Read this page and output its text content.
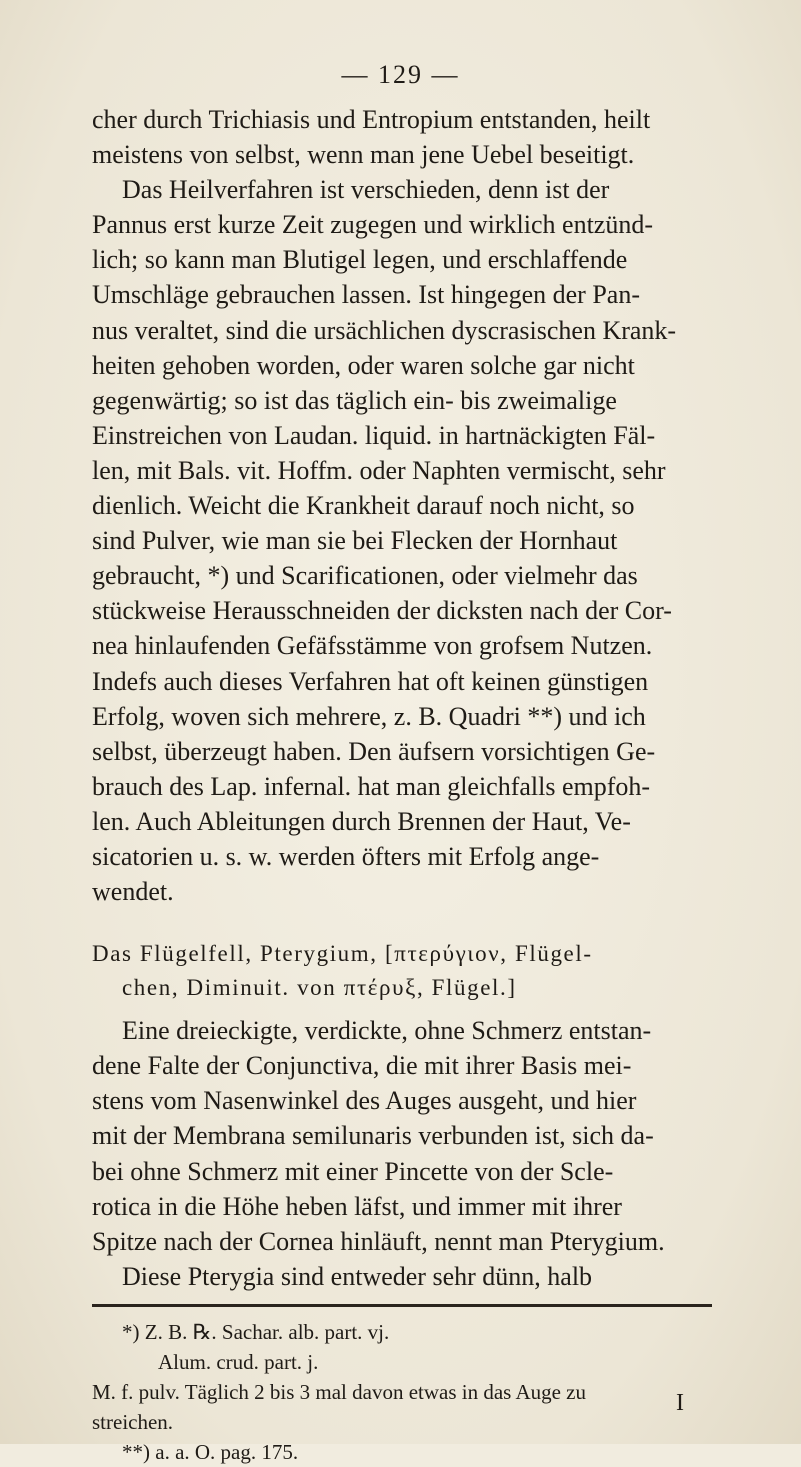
— 129 —
cher durch Trichiasis und Entropium entstanden, heilt
meistens von selbst, wenn man jene Uebel beseitigt.
Das Heilverfahren ist verschieden, denn ist der
Pannus erst kurze Zeit zugegen und wirklich entzünd-
lich; so kann man Blutigel legen, und erschlaffende
Umschläge gebrauchen lassen. Ist hingegen der Pan-
nus veraltet, sind die ursächlichen dyscrasischen Krank-
heiten gehoben worden, oder waren solche gar nicht
gegenwärtig; so ist das täglich ein- bis zweimalige
Einstreichen von Laudan. liquid. in hartnäckigten Fäl-
len, mit Bals. vit. Hoffm. oder Naphten vermischt, sehr
dienlich. Weicht die Krankheit darauf noch nicht, so
sind Pulver, wie man sie bei Flecken der Hornhaut
gebraucht, *) und Scarificationen, oder vielmehr das
stückweise Herausschneiden der dicksten nach der Cor-
nea hinlaufenden Gefäfsstämme von grofsem Nutzen.
Indefs auch dieses Verfahren hat oft keinen günstigen
Erfolg, woven sich mehrere, z. B. Quadri **) und ich
selbst, überzeugt haben. Den äufsern vorsichtigen Ge-
brauch des Lap. infernal. hat man gleichfalls empfoh-
len. Auch Ableitungen durch Brennen der Haut, Ve-
sicatorien u. s. w. werden öfters mit Erfolg ange-
wendet.
Das Flügelfell, Pterygium, [πτερύγιον, Flügel-
chen, Diminuit. von πτέρυξ, Flügel.]
Eine dreieckigte, verdickte, ohne Schmerz entstan-
dene Falte der Conjunctiva, die mit ihrer Basis mei-
stens vom Nasenwinkel des Auges ausgeht, und hier
mit der Membrana semilunaris verbunden ist, sich da-
bei ohne Schmerz mit einer Pincette von der Scle-
rotica in die Höhe heben läfst, und immer mit ihrer
Spitze nach der Cornea hinläuft, nennt man Pterygium.
Diese Pterygia sind entweder sehr dünn, halb
*) Z. B. ℞. Sachar. alb. part. vj.
Alum. crud. part. j.
M. f. pulv. Täglich 2 bis 3 mal davon etwas in das Auge zu
streichen.
**) a. a. O. pag. 175.
I
